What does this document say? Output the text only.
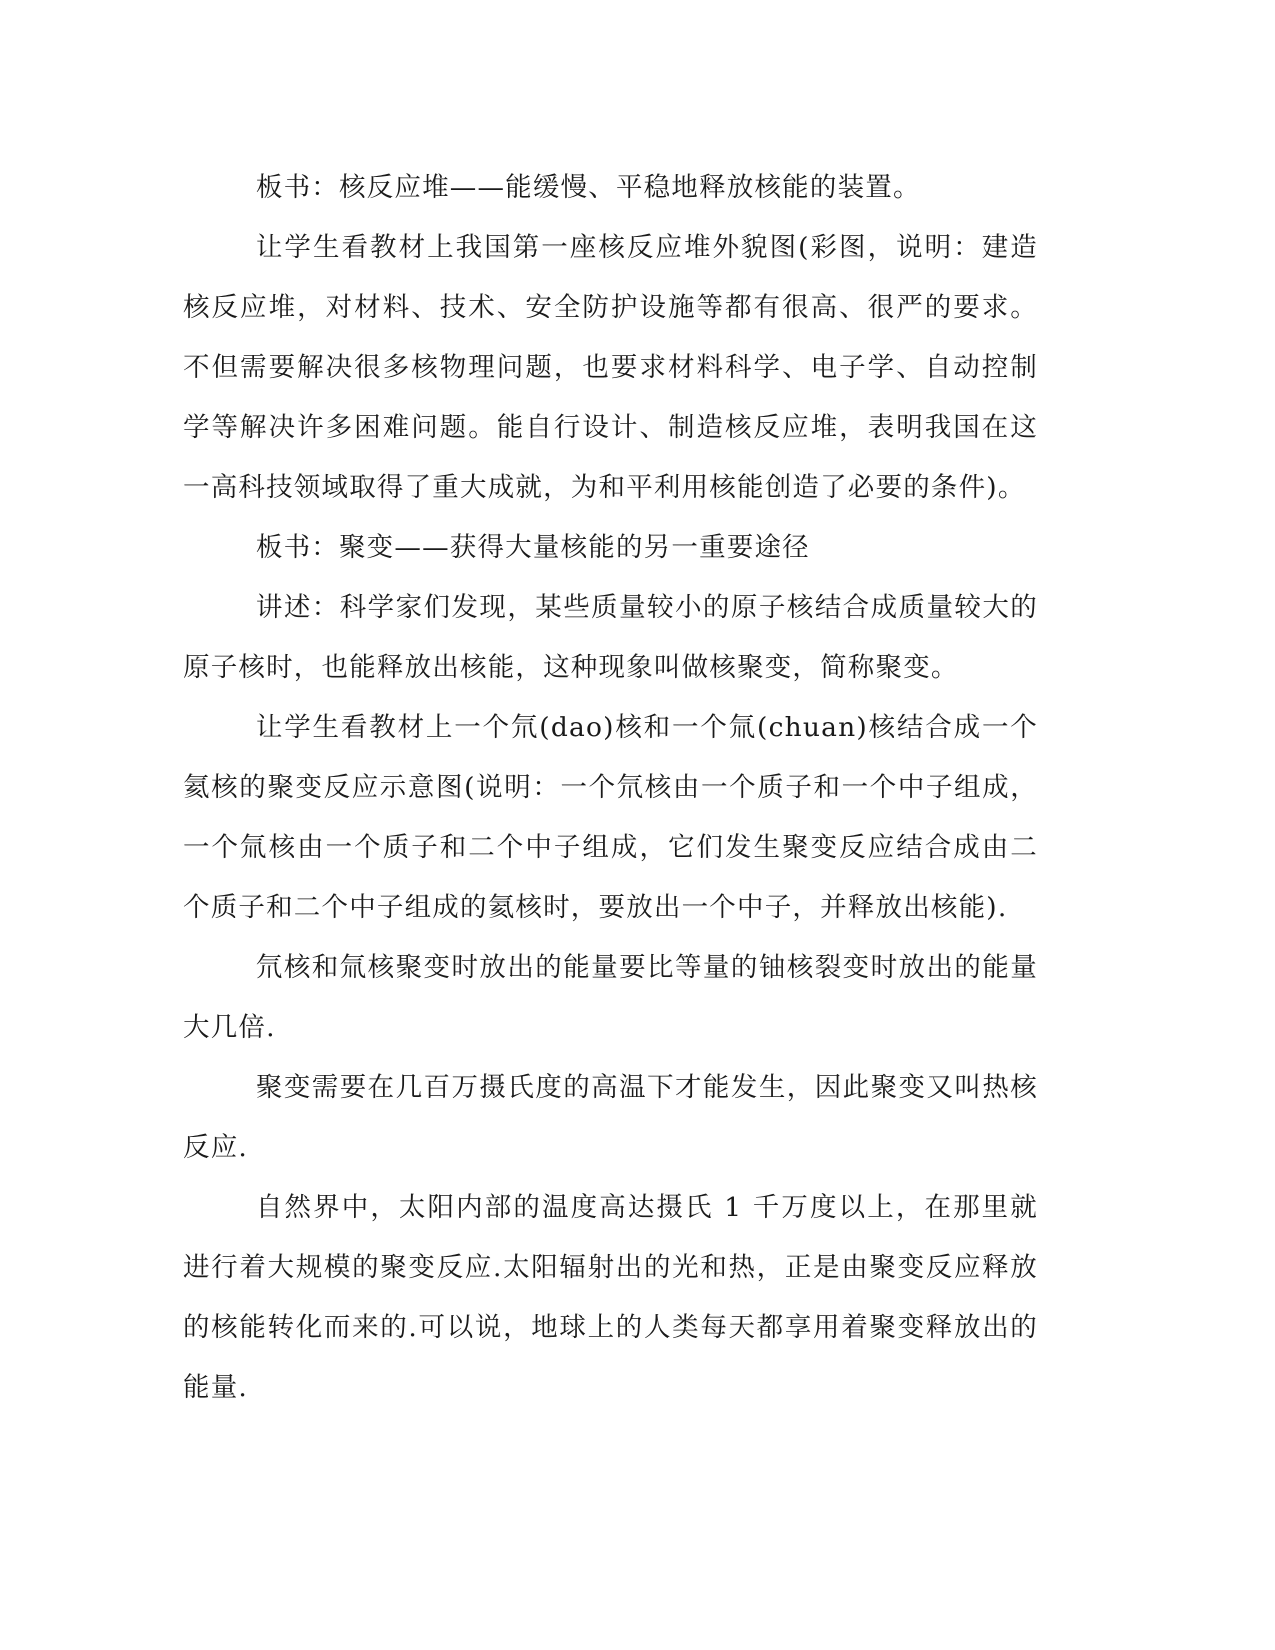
板书：核反应堆——能缓慢、平稳地释放核能的装置。

让学生看教材上我国第一座核反应堆外貌图(彩图，说明：建造核反应堆，对材料、技术、安全防护设施等都有很高、很严的要求。不但需要解决很多核物理问题，也要求材料科学、电子学、自动控制学等解决许多困难问题。能自行设计、制造核反应堆，表明我国在这一高科技领域取得了重大成就，为和平利用核能创造了必要的条件)。

板书：聚变——获得大量核能的另一重要途径

讲述：科学家们发现，某些质量较小的原子核结合成质量较大的原子核时，也能释放出核能，这种现象叫做核聚变，简称聚变。

让学生看教材上一个氘(dao)核和一个氚(chuan)核结合成一个氦核的聚变反应示意图(说明：一个氘核由一个质子和一个中子组成，一个氚核由一个质子和二个中子组成，它们发生聚变反应结合成由二个质子和二个中子组成的氦核时，要放出一个中子，并释放出核能).

氘核和氚核聚变时放出的能量要比等量的铀核裂变时放出的能量大几倍.

聚变需要在几百万摄氏度的高温下才能发生，因此聚变又叫热核反应.

自然界中，太阳内部的温度高达摄氏 1 千万度以上，在那里就进行着大规模的聚变反应.太阳辐射出的光和热，正是由聚变反应释放的核能转化而来的.可以说，地球上的人类每天都享用着聚变释放出的能量.
